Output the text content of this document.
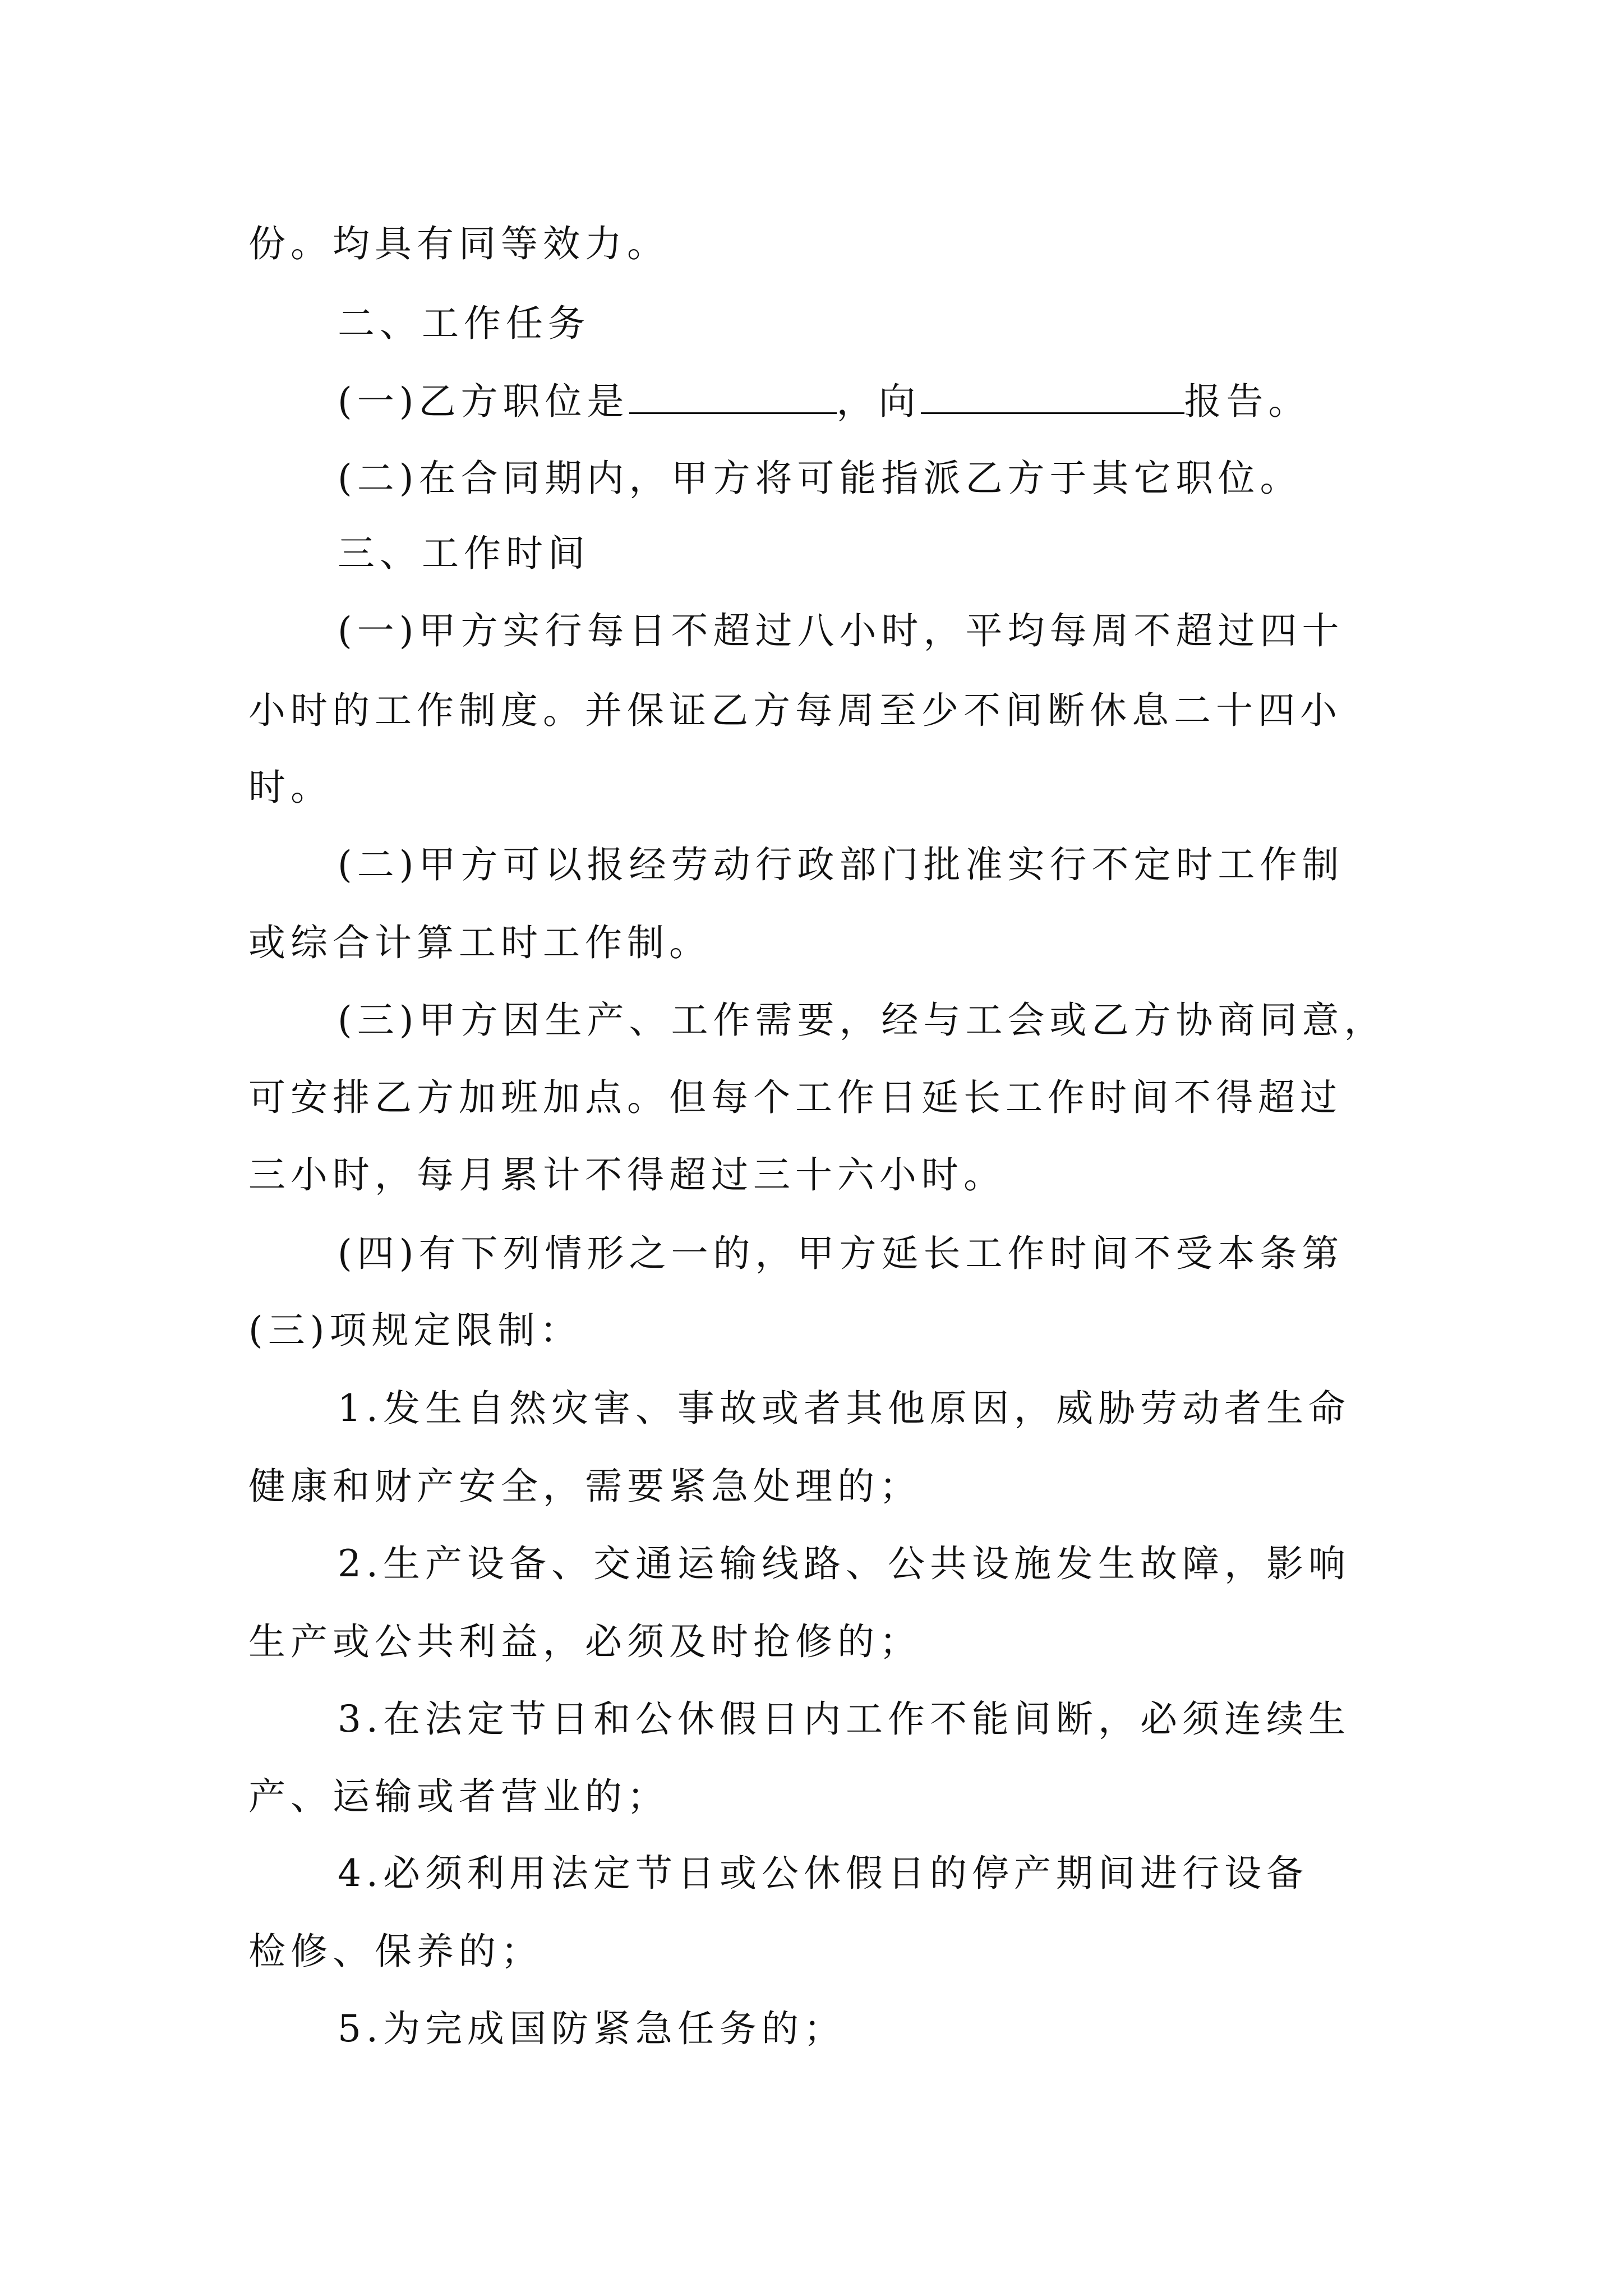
份。均具有同等效力。
二、工作任务
(一)乙方职位是	，向	报告。
(二)在合同期内，甲方将可能指派乙方于其它职位。
三、工作时间
(一)甲方实行每日不超过八小时，平均每周不超过四十
小时的工作制度。并保证乙方每周至少不间断休息二十四小
时。
(二)甲方可以报经劳动行政部门批准实行不定时工作制
或综合计算工时工作制。
(三)甲方因生产、工作需要，经与工会或乙方协商同意，
可安排乙方加班加点。但每个工作日延长工作时间不得超过
三小时，每月累计不得超过三十六小时。
(四)有下列情形之一的，甲方延长工作时间不受本条第
(三)项规定限制：
1.发生自然灾害、事故或者其他原因，威胁劳动者生命
健康和财产安全，需要紧急处理的；
2.生产设备、交通运输线路、公共设施发生故障，影响
生产或公共利益，必须及时抢修的；
3.在法定节日和公休假日内工作不能间断，必须连续生
产、运输或者营业的；
4.必须利用法定节日或公休假日的停产期间进行设备
检修、保养的；
5.为完成国防紧急任务的；
